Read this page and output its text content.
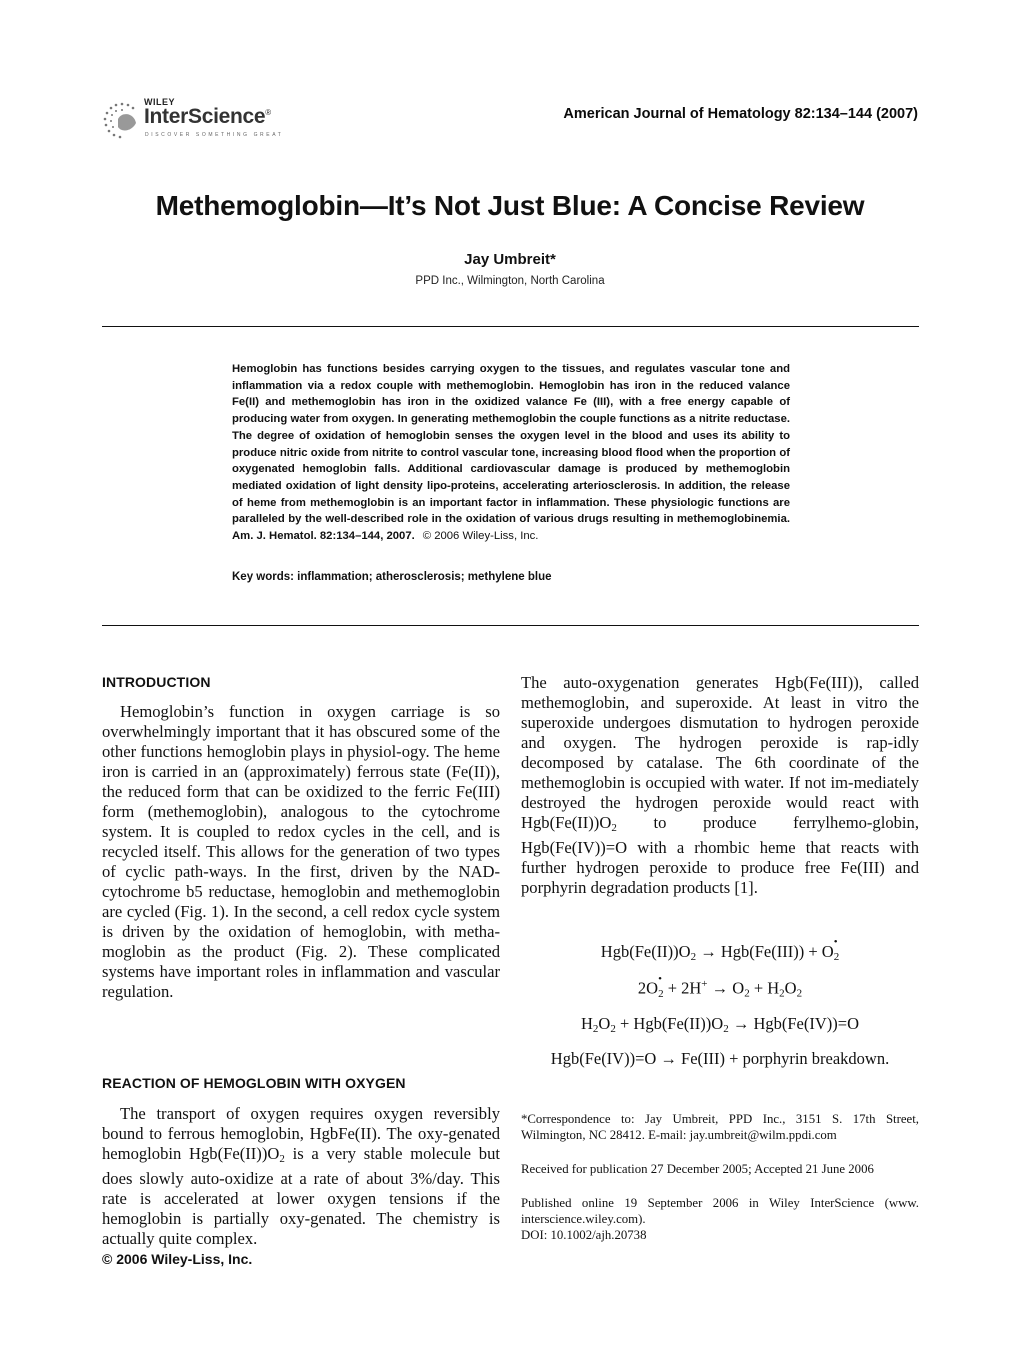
WILEY
InterScience®
DISCOVER SOMETHING GREAT
American Journal of Hematology 82:134–144 (2007)
Methemoglobin—It’s Not Just Blue: A Concise Review
Jay Umbreit*
PPD Inc., Wilmington, North Carolina
Hemoglobin has functions besides carrying oxygen to the tissues, and regulates vascular tone and inflammation via a redox couple with methemoglobin. Hemoglobin has iron in the reduced valance Fe(II) and methemoglobin has iron in the oxidized valance Fe (III), with a free energy capable of producing water from oxygen. In generating methemoglobin the couple functions as a nitrite reductase. The degree of oxidation of hemoglobin senses the oxygen level in the blood and uses its ability to produce nitric oxide from nitrite to control vascular tone, increasing blood flood when the proportion of oxygenated hemoglobin falls. Additional cardiovascular damage is produced by methemoglobin mediated oxidation of light density lipo-proteins, accelerating arteriosclerosis. In addition, the release of heme from methemoglobin is an important factor in inflammation. These physiologic functions are paralleled by the well-described role in the oxidation of various drugs resulting in methemoglobinemia. Am. J. Hematol. 82:134–144, 2007. © 2006 Wiley-Liss, Inc.
Key words: inflammation; atherosclerosis; methylene blue
INTRODUCTION
Hemoglobin’s function in oxygen carriage is so overwhelmingly important that it has obscured some of the other functions hemoglobin plays in physiol-ogy. The heme iron is carried in an (approximately) ferrous state (Fe(II)), the reduced form that can be oxidized to the ferric Fe(III) form (methemoglobin), analogous to the cytochrome system. It is coupled to redox cycles in the cell, and is recycled itself. This allows for the generation of two types of cyclic path-ways. In the first, driven by the NAD-cytochrome b5 reductase, hemoglobin and methemoglobin are cycled (Fig. 1). In the second, a cell redox cycle system is driven by the oxidation of hemoglobin, with metha-moglobin as the product (Fig. 2). These complicated systems have important roles in inflammation and vascular regulation.
REACTION OF HEMOGLOBIN WITH OXYGEN
The transport of oxygen requires oxygen reversibly bound to ferrous hemoglobin, HgbFe(II). The oxy-genated hemoglobin $Hgb(Fe(II))O_2$ is a very stable molecule but does slowly auto-oxidize at a rate of about 3%/day. This rate is accelerated at lower oxygen tensions if the hemoglobin is partially oxy-genated. The chemistry is actually quite complex.
© 2006 Wiley-Liss, Inc.
The auto-oxygenation generates Hgb(Fe(III)), called methemoglobin, and superoxide. At least in vitro the superoxide undergoes dismutation to hydrogen peroxide and oxygen. The hydrogen peroxide is rap-idly decomposed by catalase. The 6th coordinate of the methemoglobin is occupied with water. If not im-mediately destroyed the hydrogen peroxide would react with $Hgb(Fe(II))O_2$ to produce ferrylhemo-globin, Hgb(Fe(IV))=O with a rhombic heme that reacts with further hydrogen peroxide to produce free Fe(III) and porphyrin degradation products [1].
$Hgb(Fe(II))O_2 \to Hgb(Fe(III)) + O$ •
$_2$
2O •
$_2 + 2H^+ \to O_2 + H_2O_2$
$H_2O_2 + Hgb(Fe(II))O_2 \to Hgb(Fe(IV))=O$
Hgb(Fe(IV))=O → Fe(III) + porphyrin breakdown.
*Correspondence to: Jay Umbreit, PPD Inc., 3151 S. 17th Street, Wilmington, NC 28412. E-mail: jay.umbreit@wilm.ppdi.com
Received for publication 27 December 2005; Accepted 21 June 2006
Published online 19 September 2006 in Wiley InterScience (www. interscience.wiley.com).
DOI: 10.1002/ajh.20738
